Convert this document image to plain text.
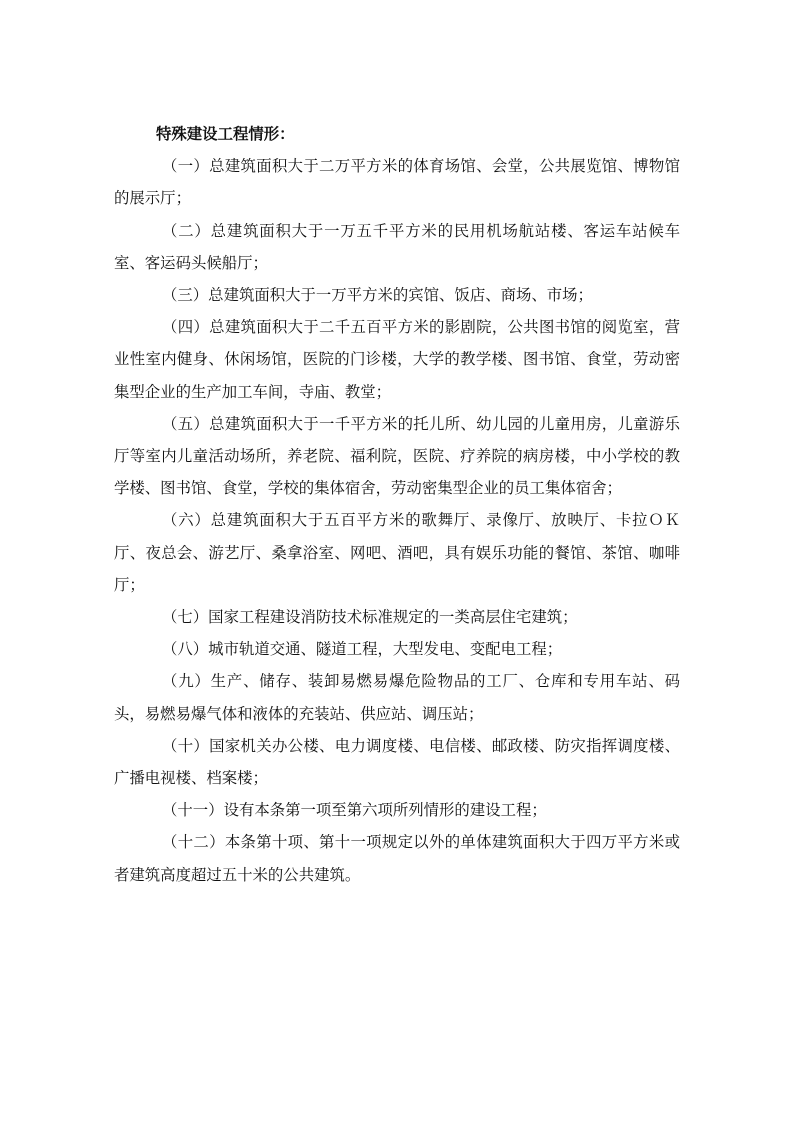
特殊建设工程情形：

（一）总建筑面积大于二万平方米的体育场馆、会堂，公共展览馆、博物馆的展示厅；

（二）总建筑面积大于一万五千平方米的民用机场航站楼、客运车站候车室、客运码头候船厅；

（三）总建筑面积大于一万平方米的宾馆、饭店、商场、市场；

（四）总建筑面积大于二千五百平方米的影剧院，公共图书馆的阅览室，营业性室内健身、休闲场馆，医院的门诊楼，大学的教学楼、图书馆、食堂，劳动密集型企业的生产加工车间，寺庙、教堂；

（五）总建筑面积大于一千平方米的托儿所、幼儿园的儿童用房，儿童游乐厅等室内儿童活动场所，养老院、福利院，医院、疗养院的病房楼，中小学校的教学楼、图书馆、食堂，学校的集体宿舍，劳动密集型企业的员工集体宿舍；

（六）总建筑面积大于五百平方米的歌舞厅、录像厅、放映厅、卡拉ＯＫ厅、夜总会、游艺厅、桑拿浴室、网吧、酒吧，具有娱乐功能的餐馆、茶馆、咖啡厅；

（七）国家工程建设消防技术标准规定的一类高层住宅建筑；

（八）城市轨道交通、隧道工程，大型发电、变配电工程；

（九）生产、储存、装卸易燃易爆危险物品的工厂、仓库和专用车站、码头，易燃易爆气体和液体的充装站、供应站、调压站；

（十）国家机关办公楼、电力调度楼、电信楼、邮政楼、防灾指挥调度楼、广播电视楼、档案楼；

（十一）设有本条第一项至第六项所列情形的建设工程；

（十二）本条第十项、第十一项规定以外的单体建筑面积大于四万平方米或者建筑高度超过五十米的公共建筑。
